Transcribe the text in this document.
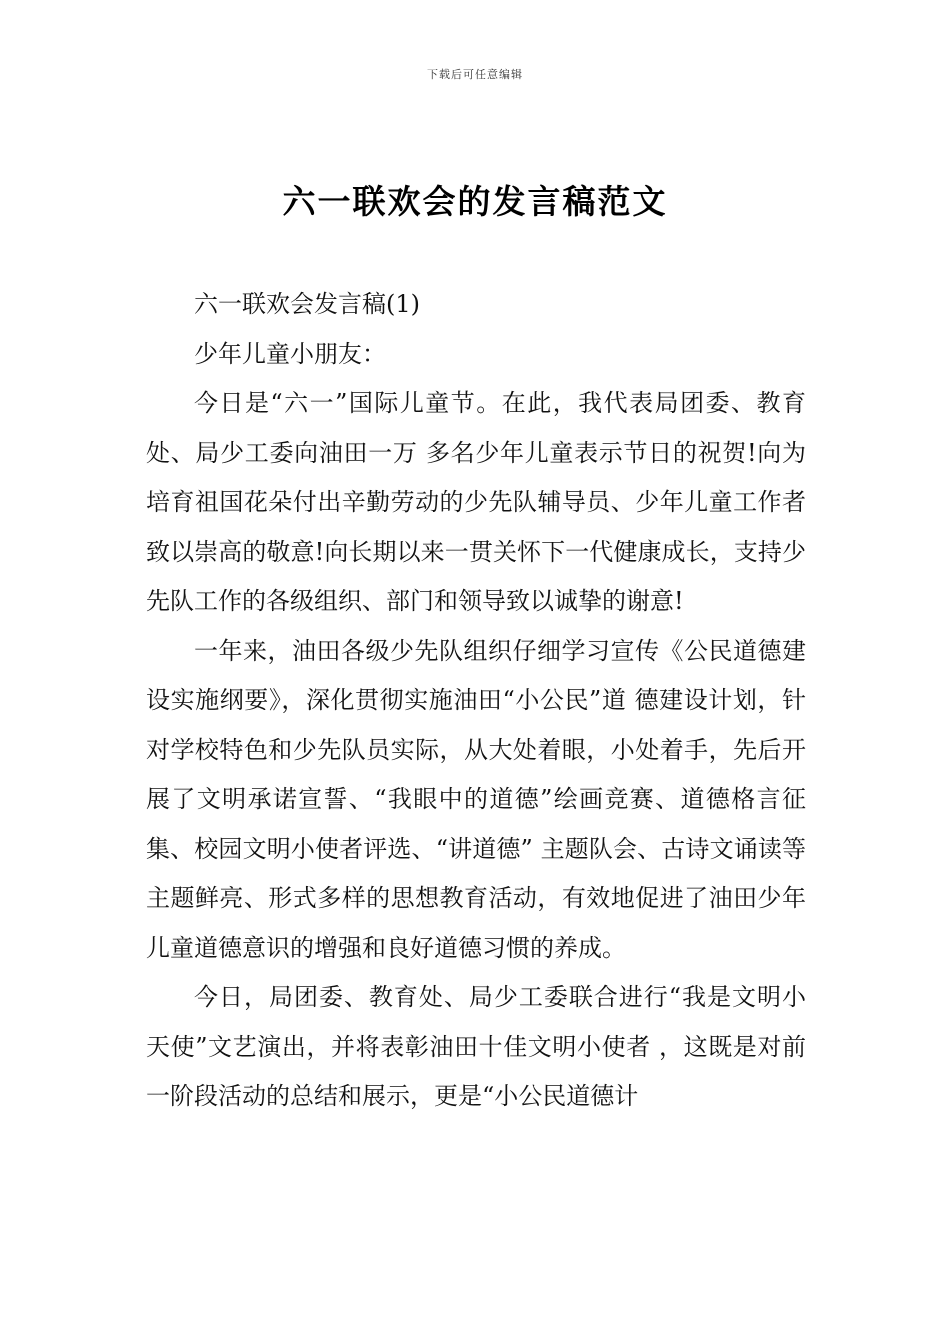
下载后可任意编辑
六一联欢会的发言稿范文

六一联欢会发言稿(1)

少年儿童小朋友：

今日是“六一”国际儿童节。在此，我代表局团委、教育处、局少工委向油田一万 多名少年儿童表示节日的祝贺!向为培育祖国花朵付出辛勤劳动的少先队辅导员、少年儿童工作者致以崇高的敬意!向长期以来一贯关怀下一代健康成长，支持少先队工作的各级组织、部门和领导致以诚挚的谢意!

一年来，油田各级少先队组织仔细学习宣传《公民道德建设实施纲要》，深化贯彻实施油田“小公民”道 德建设计划，针对学校特色和少先队员实际，从大处着眼，小处着手，先后开展了文明承诺宣誓、“我眼中的道德”绘画竞赛、道德格言征集、校园文明小使者评选、“讲道德” 主题队会、古诗文诵读等主题鲜亮、形式多样的思想教育活动，有效地促进了油田少年儿童道德意识的增强和良好道德习惯的养成。

今日，局团委、教育处、局少工委联合进行“我是文明小天使”文艺演出，并将表彰油田十佳文明小使者 ，这既是对前一阶段活动的总结和展示，更是“小公民道德计
